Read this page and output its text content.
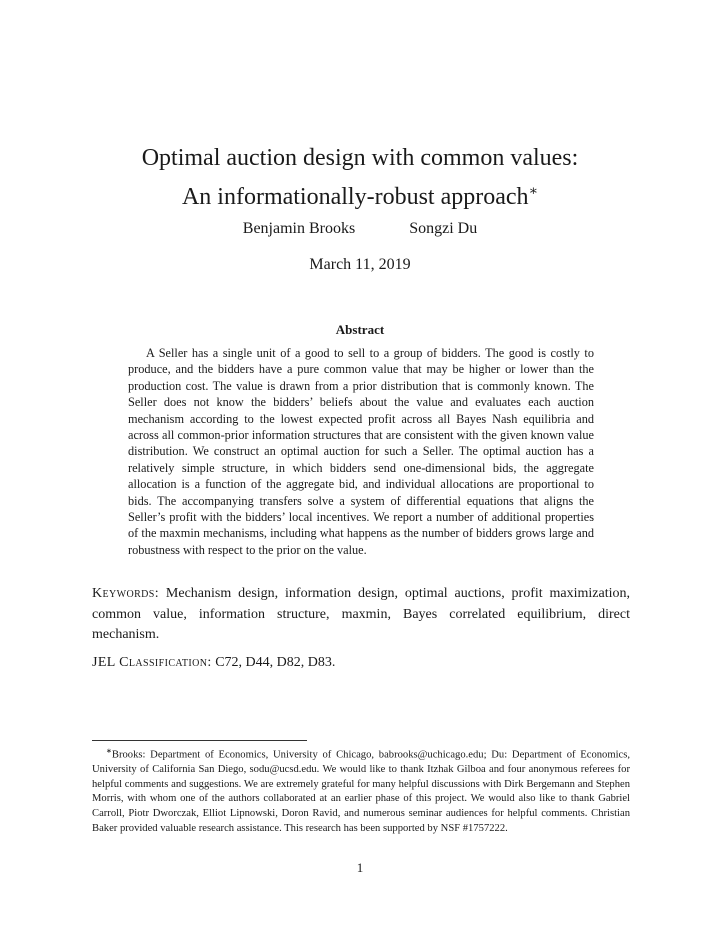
Optimal auction design with common values:
An informationally-robust approach∗
Benjamin Brooks	Songzi Du
March 11, 2019
Abstract
A Seller has a single unit of a good to sell to a group of bidders. The good is costly to produce, and the bidders have a pure common value that may be higher or lower than the production cost. The value is drawn from a prior distribution that is commonly known. The Seller does not know the bidders’ beliefs about the value and evaluates each auction mechanism according to the lowest expected profit across all Bayes Nash equilibria and across all common-prior information structures that are consistent with the given known value distribution. We construct an optimal auction for such a Seller. The optimal auction has a relatively simple structure, in which bidders send one-dimensional bids, the aggregate allocation is a function of the aggregate bid, and individual allocations are proportional to bids. The accompanying transfers solve a system of differential equations that aligns the Seller’s profit with the bidders’ local incentives. We report a number of additional properties of the maxmin mechanisms, including what happens as the number of bidders grows large and robustness with respect to the prior on the value.
Keywords: Mechanism design, information design, optimal auctions, profit maximization, common value, information structure, maxmin, Bayes correlated equilibrium, direct mechanism.
JEL Classification: C72, D44, D82, D83.
∗Brooks: Department of Economics, University of Chicago, babrooks@uchicago.edu; Du: Department of Economics, University of California San Diego, sodu@ucsd.edu. We would like to thank Itzhak Gilboa and four anonymous referees for helpful comments and suggestions. We are extremely grateful for many helpful discussions with Dirk Bergemann and Stephen Morris, with whom one of the authors collaborated at an earlier phase of this project. We would also like to thank Gabriel Carroll, Piotr Dworczak, Elliot Lipnowski, Doron Ravid, and numerous seminar audiences for helpful comments. Christian Baker provided valuable research assistance. This research has been supported by NSF #1757222.
1
